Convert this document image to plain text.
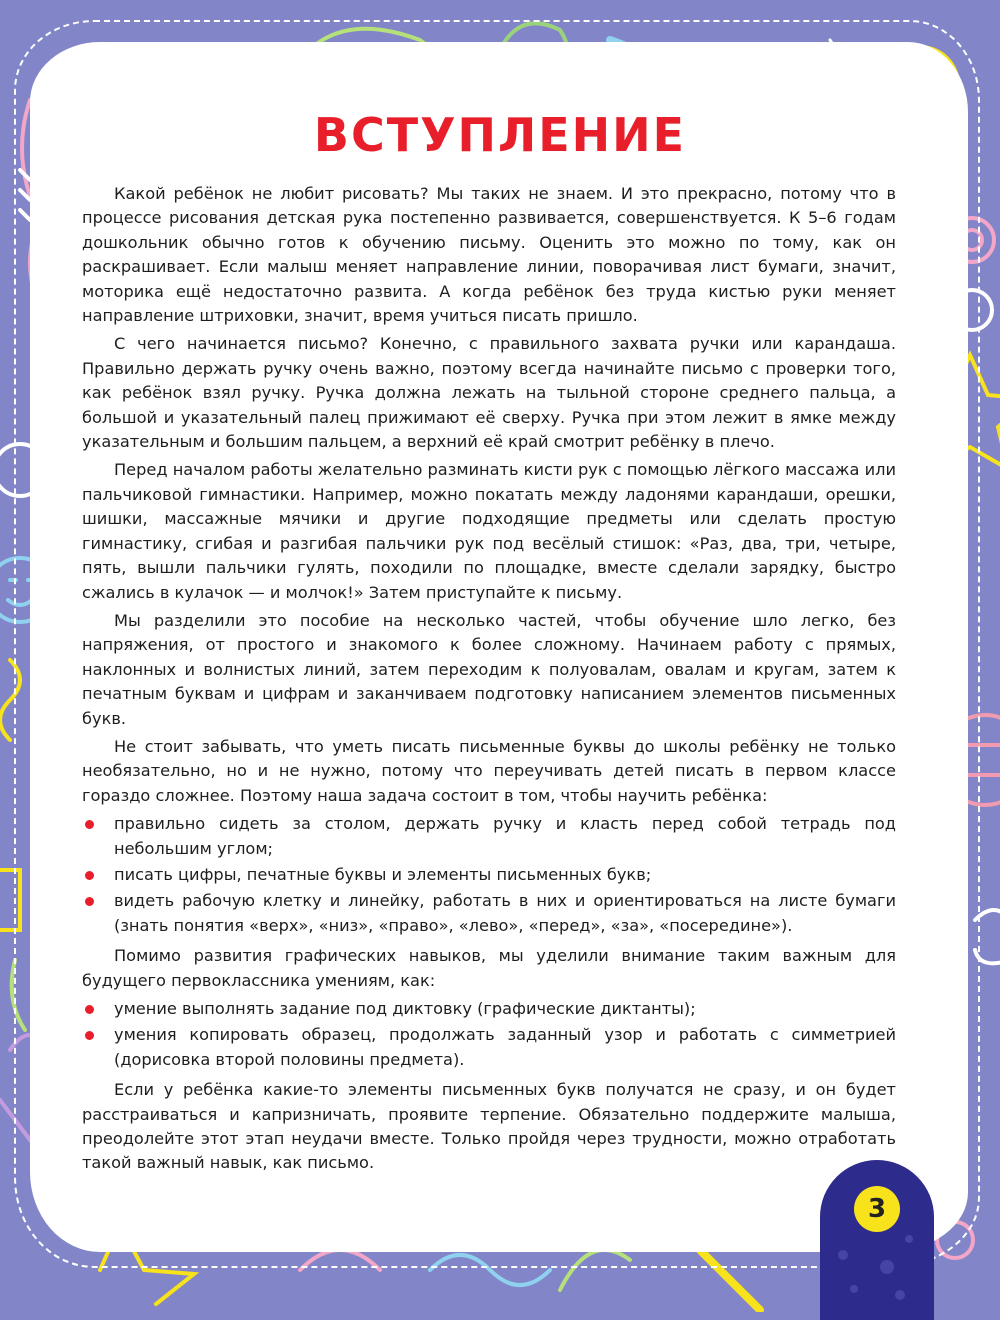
ВСТУПЛЕНИЕ

Какой ребёнок не любит рисовать? Мы таких не знаем. И это прекрасно, потому что в процессе рисования детская рука постепенно развивается, совершенствуется. К 5–6 годам дошкольник обычно готов к обучению письму. Оценить это можно по тому, как он раскрашивает. Если малыш меняет направление линии, поворачивая лист бумаги, значит, моторика ещё недостаточно развита. А когда ребёнок без труда кистью руки меняет направление штриховки, значит, время учиться писать пришло.

С чего начинается письмо? Конечно, с правильного захвата ручки или карандаша. Правильно держать ручку очень важно, поэтому всегда начинайте письмо с проверки того, как ребёнок взял ручку. Ручка должна лежать на тыльной стороне среднего пальца, а большой и указательный палец прижимают её сверху. Ручка при этом лежит в ямке между указательным и большим пальцем, а верхний её край смотрит ребёнку в плечо.

Перед началом работы желательно разминать кисти рук с помощью лёгкого массажа или пальчиковой гимнастики. Например, можно покатать между ладонями карандаши, орешки, шишки, массажные мячики и другие подходящие предметы или сделать простую гимнастику, сгибая и разгибая пальчики рук под весёлый стишок: «Раз, два, три, четыре, пять, вышли пальчики гулять, походили по площадке, вместе сделали зарядку, быстро сжались в кулачок — и молчок!» Затем приступайте к письму.

Мы разделили это пособие на несколько частей, чтобы обучение шло легко, без напряжения, от простого и знакомого к более сложному. Начинаем работу с прямых, наклонных и волнистых линий, затем переходим к полуовалам, овалам и кругам, затем к печатным буквам и цифрам и заканчиваем подготовку написанием элементов письменных букв.

Не стоит забывать, что уметь писать письменные буквы до школы ребёнку не только необязательно, но и не нужно, потому что переучивать детей писать в первом классе гораздо сложнее. Поэтому наша задача состоит в том, чтобы научить ребёнка:

правильно сидеть за столом, держать ручку и класть перед собой тетрадь под небольшим углом;
писать цифры, печатные буквы и элементы письменных букв;
видеть рабочую клетку и линейку, работать в них и ориентироваться на листе бумаги (знать понятия «верх», «низ», «право», «лево», «перед», «за», «посередине»).

Помимо развития графических навыков, мы уделили внимание таким важным для будущего первоклассника умениям, как:

умение выполнять задание под диктовку (графические диктанты);
умения копировать образец, продолжать заданный узор и работать с симметрией (дорисовка второй половины предмета).

Если у ребёнка какие-то элементы письменных букв получатся не сразу, и он будет расстраиваться и капризничать, проявите терпение. Обязательно поддержите малыша, преодолейте этот этап неудачи вместе. Только пройдя через трудности, можно отработать такой важный навык, как письмо.

3
